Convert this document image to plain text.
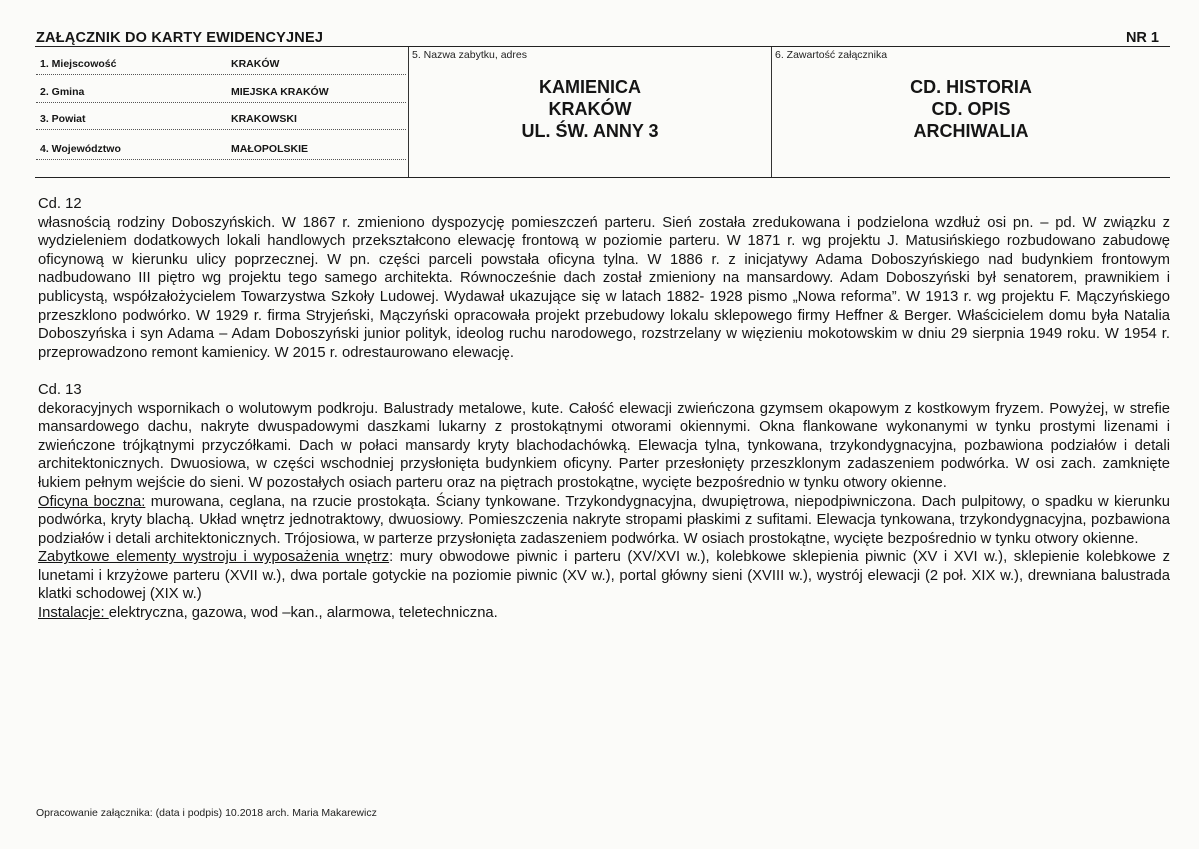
ZAŁĄCZNIK DO KARTY EWIDENCYJNEJ	NR 1
1. Miejscowość	KRAKÓW
2. Gmina	MIEJSKA KRAKÓW
3. Powiat	KRAKOWSKI
4. Województwo	MAŁOPOLSKIE
5. Nazwa zabytku, adres
KAMIENICA
KRAKÓW
UL. ŚW. ANNY 3
6. Zawartość załącznika
CD. HISTORIA
CD. OPIS
ARCHIWALIA

Cd. 12

własnością rodziny Doboszyńskich. W 1867 r. zmieniono dyspozycję pomieszczeń parteru. Sień została zredukowana i podzielona wzdłuż osi pn. – pd. W związku z wydzieleniem dodatkowych lokali handlowych przekształcono elewację frontową w poziomie parteru. W 1871 r. wg projektu J. Matusińskiego rozbudowano zabudowę oficynową w kierunku ulicy poprzecznej. W pn. części parceli powstała oficyna tylna. W 1886 r. z inicjatywy Adama Doboszyńskiego nad budynkiem frontowym nadbudowano III piętro wg projektu tego samego architekta. Równocześnie dach został zmieniony na mansardowy. Adam Doboszyński był senatorem, prawnikiem i publicystą, współzałożycielem Towarzystwa Szkoły Ludowej. Wydawał ukazujące się w latach 1882- 1928 pismo „Nowa reforma”. W 1913 r. wg projektu F. Mączyńskiego przeszklono podwórko. W 1929 r. firma Stryjeński, Mączyński opracowała projekt przebudowy lokalu sklepowego firmy Heffner & Berger. Właścicielem domu była Natalia Doboszyńska i syn Adama – Adam Doboszyński junior polityk, ideolog ruchu narodowego, rozstrzelany w więzieniu mokotowskim w dniu 29 sierpnia 1949 roku. W 1954 r. przeprowadzono remont kamienicy. W 2015 r. odrestaurowano elewację.

Cd. 13

dekoracyjnych wspornikach o wolutowym podkroju. Balustrady metalowe, kute. Całość elewacji zwieńczona gzymsem okapowym z kostkowym fryzem. Powyżej, w strefie mansardowego dachu, nakryte dwuspadowymi daszkami lukarny z prostokątnymi otworami okiennymi. Okna flankowane wykonanymi w tynku prostymi lizenami i zwieńczone trójkątnymi przyczółkami. Dach w połaci mansardy kryty blachodachówką. Elewacja tylna, tynkowana, trzykondygnacyjna, pozbawiona podziałów i detali architektonicznych. Dwuosiowa, w części wschodniej przysłonięta budynkiem oficyny. Parter przesłonięty przeszklonym zadaszeniem podwórka. W osi zach. zamknięte łukiem pełnym wejście do sieni. W pozostałych osiach parteru oraz na piętrach prostokątne, wycięte bezpośrednio w tynku otwory okienne.

Oficyna boczna: murowana, ceglana, na rzucie prostokąta. Ściany tynkowane. Trzykondygnacyjna, dwupiętrowa, niepodpiwniczona. Dach pulpitowy, o spadku w kierunku podwórka, kryty blachą. Układ wnętrz jednotraktowy, dwuosiowy. Pomieszczenia nakryte stropami płaskimi z sufitami. Elewacja tynkowana, trzykondygnacyjna, pozbawiona podziałów i detali architektonicznych. Trójosiowa, w parterze przysłonięta zadaszeniem podwórka. W osiach prostokątne, wycięte bezpośrednio w tynku otwory okienne.

Zabytkowe elementy wystroju i wyposażenia wnętrz: mury obwodowe piwnic i parteru (XV/XVI w.), kolebkowe sklepienia piwnic (XV i XVI w.), sklepienie kolebkowe z lunetami i krzyżowe parteru (XVII w.), dwa portale gotyckie na poziomie piwnic (XV w.), portal główny sieni (XVIII w.), wystrój elewacji (2 poł. XIX w.), drewniana balustrada klatki schodowej (XIX w.)

Instalacje: elektryczna, gazowa, wod –kan., alarmowa, teletechniczna.

Opracowanie załącznika: (data i podpis) 10.2018 arch. Maria Makarewicz
